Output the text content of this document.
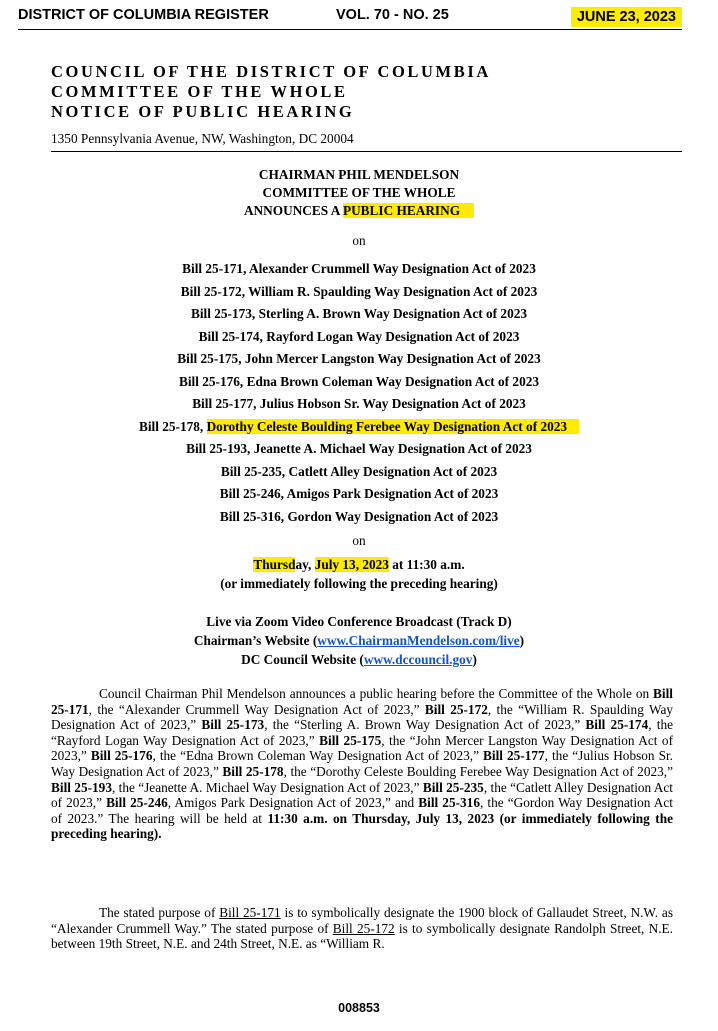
DISTRICT OF COLUMBIA REGISTER	VOL. 70 - NO. 25	JUNE 23, 2023
COUNCIL OF THE DISTRICT OF COLUMBIA
COMMITTEE OF THE WHOLE
NOTICE OF PUBLIC HEARING
1350 Pennsylvania Avenue, NW, Washington, DC 20004
CHAIRMAN PHIL MENDELSON
COMMITTEE OF THE WHOLE
ANNOUNCES A PUBLIC HEARING
on
Bill 25-171, Alexander Crummell Way Designation Act of 2023
Bill 25-172, William R. Spaulding Way Designation Act of 2023
Bill 25-173, Sterling A. Brown Way Designation Act of 2023
Bill 25-174, Rayford Logan Way Designation Act of 2023
Bill 25-175, John Mercer Langston Way Designation Act of 2023
Bill 25-176, Edna Brown Coleman Way Designation Act of 2023
Bill 25-177, Julius Hobson Sr. Way Designation Act of 2023
Bill 25-178, Dorothy Celeste Boulding Ferebee Way Designation Act of 2023
Bill 25-193, Jeanette A. Michael Way Designation Act of 2023
Bill 25-235, Catlett Alley Designation Act of 2023
Bill 25-246, Amigos Park Designation Act of 2023
Bill 25-316, Gordon Way Designation Act of 2023
on
Thursday, July 13, 2023 at 11:30 a.m.
(or immediately following the preceding hearing)
Live via Zoom Video Conference Broadcast (Track D)
Chairman’s Website (www.ChairmanMendelson.com/live)
DC Council Website (www.dccouncil.gov)

Council Chairman Phil Mendelson announces a public hearing before the Committee of the Whole on Bill 25-171, the “Alexander Crummell Way Designation Act of 2023,” Bill 25-172, the “William R. Spaulding Way Designation Act of 2023,” Bill 25-173, the “Sterling A. Brown Way Designation Act of 2023,” Bill 25-174, the “Rayford Logan Way Designation Act of 2023,” Bill 25-175, the “John Mercer Langston Way Designation Act of 2023,” Bill 25-176, the “Edna Brown Coleman Way Designation Act of 2023,” Bill 25-177, the “Julius Hobson Sr. Way Designation Act of 2023,” Bill 25-178, the “Dorothy Celeste Boulding Ferebee Way Designation Act of 2023,” Bill 25-193, the “Jeanette A. Michael Way Designation Act of 2023,” Bill 25-235, the “Catlett Alley Designation Act of 2023,” Bill 25-246, Amigos Park Designation Act of 2023,” and Bill 25-316, the “Gordon Way Designation Act of 2023.” The hearing will be held at 11:30 a.m. on Thursday, July 13, 2023 (or immediately following the preceding hearing).

The stated purpose of Bill 25-171 is to symbolically designate the 1900 block of Gallaudet Street, N.W. as “Alexander Crummell Way.” The stated purpose of Bill 25-172 is to symbolically designate Randolph Street, N.E. between 19th Street, N.E. and 24th Street, N.E. as “William R.

008853
